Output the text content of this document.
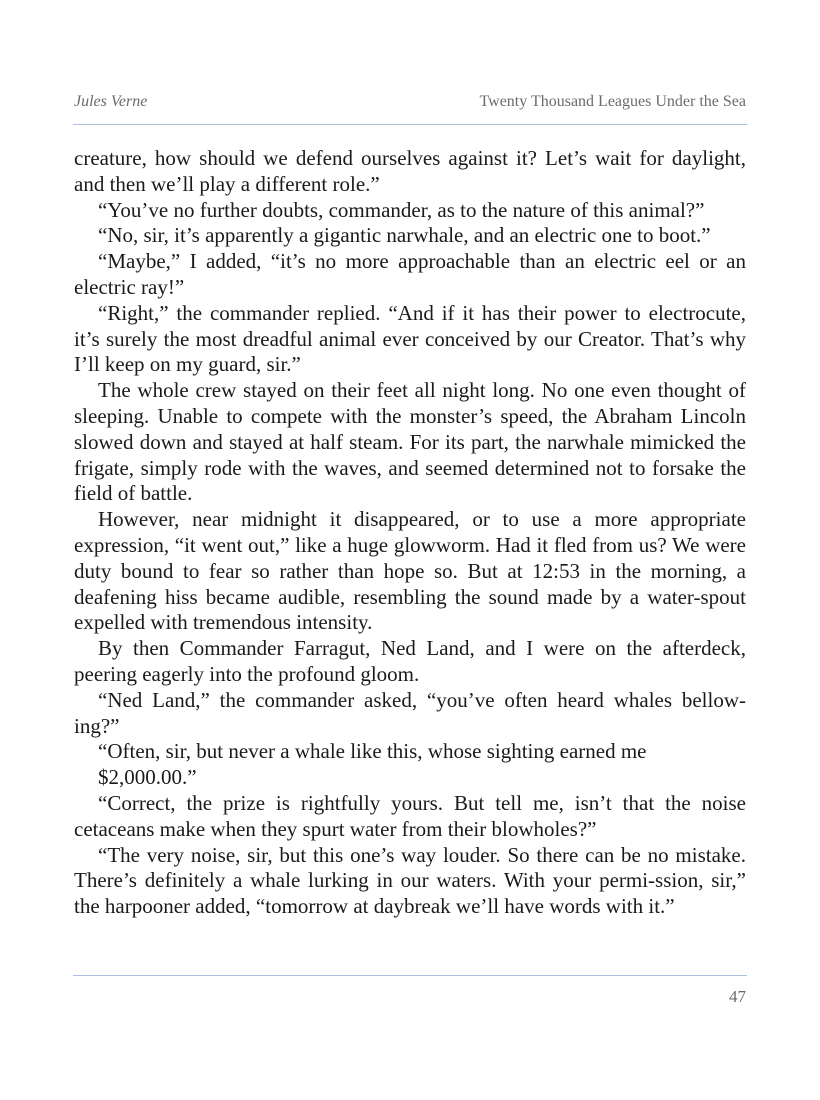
Jules Verne	Twenty Thousand Leagues Under the Sea

creature, how should we defend ourselves against it? Let’s wait for daylight, and then we’ll play a different role.”

“You’ve no further doubts, commander, as to the nature of this animal?”

“No, sir, it’s apparently a gigantic narwhale, and an electric one to boot.”

“Maybe,” I added, “it’s no more approachable than an electric eel or an electric ray!”

“Right,” the commander replied. “And if it has their power to electrocute, it’s surely the most dreadful animal ever conceived by our Creator. That’s why I’ll keep on my guard, sir.”

The whole crew stayed on their feet all night long. No one even thought of sleeping. Unable to compete with the monster’s speed, the Abraham Lincoln slowed down and stayed at half steam. For its part, the narwhale mimicked the frigate, simply rode with the waves, and seemed determined not to forsake the field of battle.

However, near midnight it disappeared, or to use a more appropriate expression, “it went out,” like a huge glowworm. Had it fled from us? We were duty bound to fear so rather than hope so. But at 12:53 in the morning, a deafening hiss became audible, resembling the sound made by a water-spout expelled with tremendous intensity.

By then Commander Farragut, Ned Land, and I were on the afterdeck, peering eagerly into the profound gloom.

“Ned Land,” the commander asked, “you’ve often heard whales bellow-ing?”

“Often, sir, but never a whale like this, whose sighting earned me

$2,000.00.”

“Correct, the prize is rightfully yours. But tell me, isn’t that the noise cetaceans make when they spurt water from their blowholes?”

“The very noise, sir, but this one’s way louder. So there can be no mistake. There’s definitely a whale lurking in our waters. With your permi-ssion, sir,” the harpooner added, “tomorrow at daybreak we’ll have words with it.”

47
